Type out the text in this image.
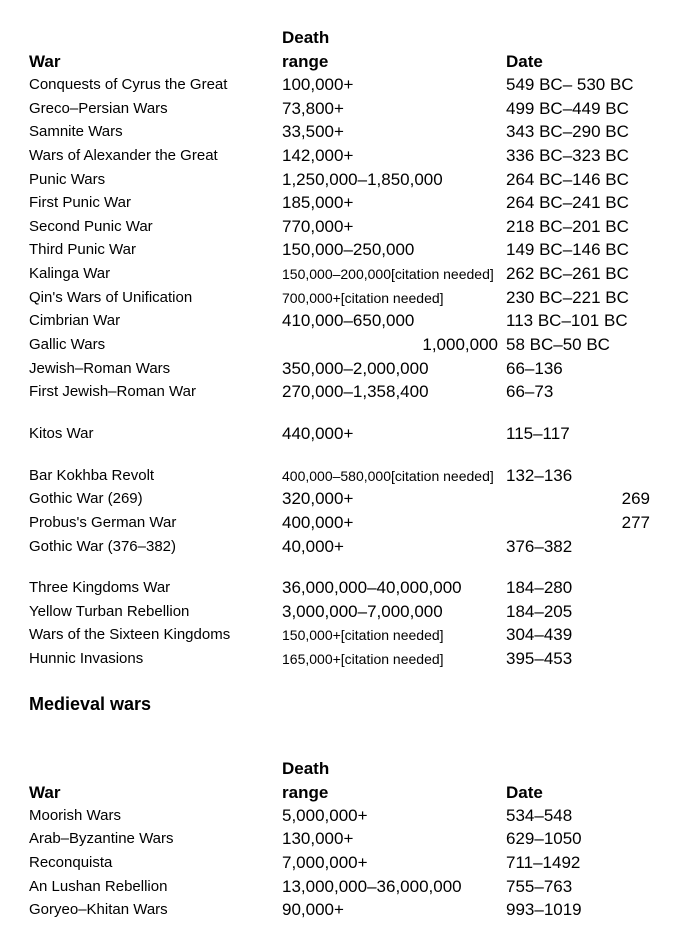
Death
War	range	Date
Conquests of Cyrus the Great	100,000+	549 BC– 530 BC
Greco–Persian Wars	73,800+	499 BC–449 BC
Samnite Wars	33,500+	343 BC–290 BC
Wars of Alexander the Great	142,000+	336 BC–323 BC
Punic Wars	1,250,000–1,850,000	264 BC–146 BC
First Punic War	185,000+	264 BC–241 BC
Second Punic War	770,000+	218 BC–201 BC
Third Punic War	150,000–250,000	149 BC–146 BC
Kalinga War	150,000–200,000[citation needed] 262 BC–261 BC
Qin's Wars of Unification	700,000+[citation needed]	230 BC–221 BC
Cimbrian War	410,000–650,000	113 BC–101 BC
Gallic Wars	1,000,000 58 BC–50 BC
Jewish–Roman Wars	350,000–2,000,000	66–136
First Jewish–Roman War	270,000–1,358,400	66–73
Kitos War	440,000+	115–117
Bar Kokhba Revolt	400,000–580,000[citation needed] 132–136
Gothic War (269)	320,000+	269
Probus's German War	400,000+	277
Gothic War (376–382)	40,000+	376–382
Three Kingdoms War	36,000,000–40,000,000	184–280
Yellow Turban Rebellion	3,000,000–7,000,000	184–205
Wars of the Sixteen Kingdoms	150,000+[citation needed]	304–439
Hunnic Invasions	165,000+[citation needed]	395–453
Medieval wars
Death
War	range	Date
Moorish Wars	5,000,000+	534–548
Arab–Byzantine Wars	130,000+	629–1050
Reconquista	7,000,000+	711–1492
An Lushan Rebellion	13,000,000–36,000,000	755–763
Goryeo–Khitan Wars	90,000+	993–1019
